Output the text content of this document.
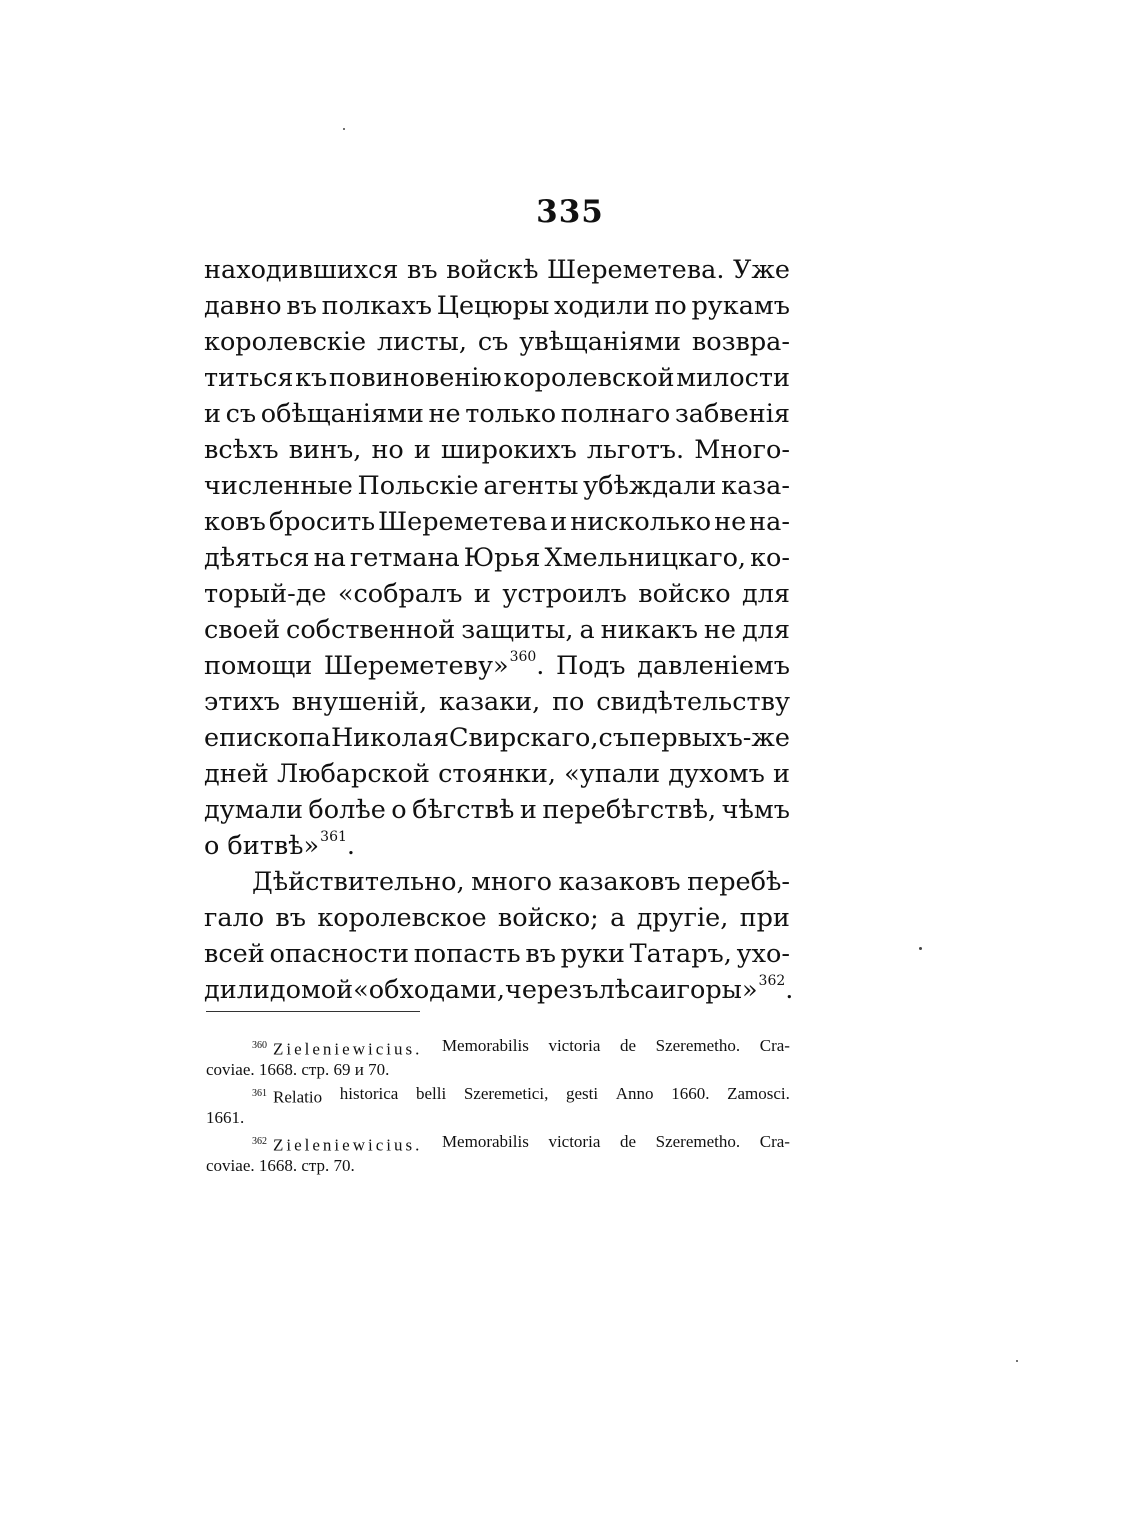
335
находившихся въ войскѣ Шереметева. Уже
давно въ полкахъ Цецюры ходили по рукамъ
королевскіе листы, съ увѣщаніями возвра-
титься къ повиновенію королевской милости
и съ обѣщаніями не только полнаго забвенія
всѣхъ винъ, но и широкихъ льготъ. Много-
численные Польскіе агенты убѣждали каза-
ковъ бросить Шереметева и нисколько не на-
дѣяться на гетмана Юрья Хмельницкаго, ко-
торый-де «собралъ и устроилъ войско для
своей собственной защиты, а никакъ не для
помощи Шереметеву»$^{360}$. Подъ давленіемъ
этихъ внушеній, казаки, по свидѣтельству
епископа Николая Свирскаго, съ первыхъ-же
дней Любарской стоянки, «упали духомъ и
думали болѣе о бѣгствѣ и перебѣгствѣ, чѣмъ
о битвѣ»$^{361}$.
Дѣйствительно, много казаковъ перебѣ-
гало въ королевское войско; а другіе, при
всей опасности попасть въ руки Татаръ, ухо-
дили домой «обходами, черезъ лѣса и горы»$^{362}$.
$^{360}$ Zieleniewicius. Memorabilis victoria de Szeremetho. Cra-
coviae. 1668. стр. 69 и 70.
$^{361}$ Relatio historica belli Szeremetici, gesti Anno 1660. Zamosci.
1661.
$^{362}$ Zieleniewicius. Memorabilis victoria de Szeremetho. Cra-
coviae. 1668. стр. 70.
